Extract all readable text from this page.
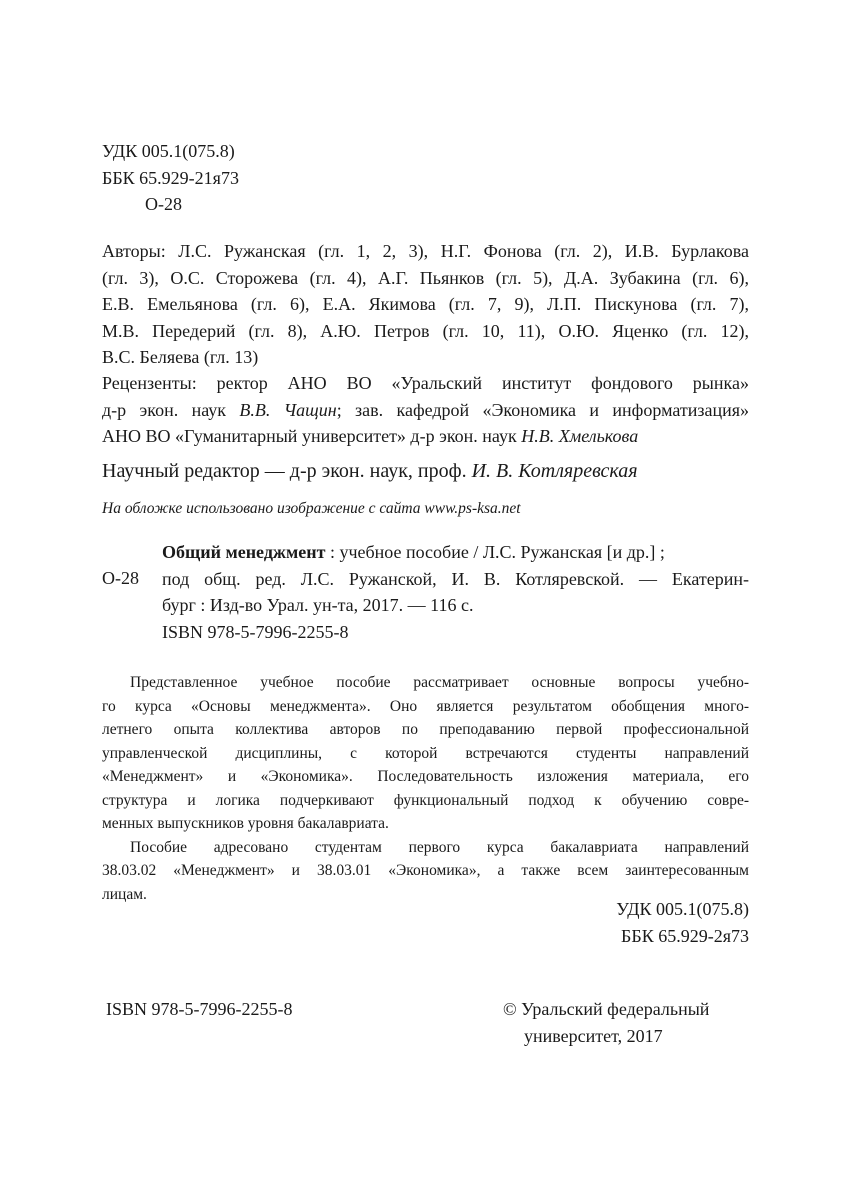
УДК 005.1(075.8)
ББК 65.929-21я73
О-28
Авторы: Л.С. Ружанская (гл. 1, 2, 3), Н.Г. Фонова (гл. 2), И.В. Бурлакова
(гл. 3), О.С. Сторожева (гл. 4), А.Г. Пьянков (гл. 5), Д.А. Зубакина (гл. 6),
Е.В. Емельянова (гл. 6), Е.А. Якимова (гл. 7, 9), Л.П. Пискунова (гл. 7),
М.В. Передерий (гл. 8), А.Ю. Петров (гл. 10, 11), О.Ю. Яценко (гл. 12),
В.С. Беляева (гл. 13)
Рецензенты: ректор АНО ВО «Уральский институт фондового рынка»
д-р экон. наук В.В. Чащин; зав. кафедрой «Экономика и информатизация»
АНО ВО «Гуманитарный университет» д-р экон. наук Н.В. Хмелькова
Научный редактор — д-р экон. наук, проф. И. В. Котляревская
На обложке использовано изображение с сайта www.ps-ksa.net
О-28
Общий менеджмент : учебное пособие / Л.С. Ружанская [и др.] ;
под общ. ред. Л.С. Ружанской, И. В. Котляревской. — Екатерин-
бург : Изд-во Урал. ун-та, 2017. — 116 с.
ISBN 978-5-7996-2255-8
Представленное учебное пособие рассматривает основные вопросы учебно-
го курса «Основы менеджмента». Оно является результатом обобщения много-
летнего опыта коллектива авторов по преподаванию первой профессиональной
управленческой дисциплины, с которой встречаются студенты направлений
«Менеджмент» и «Экономика». Последовательность изложения материала, его
структура и логика подчеркивают функциональный подход к обучению совре-
менных выпускников уровня бакалавриата.
Пособие адресовано студентам первого курса бакалавриата направлений
38.03.02 «Менеджмент» и 38.03.01 «Экономика», а также всем заинтересованным
лицам.
УДК 005.1(075.8)
ББК 65.929-2я73
ISBN 978-5-7996-2255-8	© Уральский федеральный
университет, 2017
